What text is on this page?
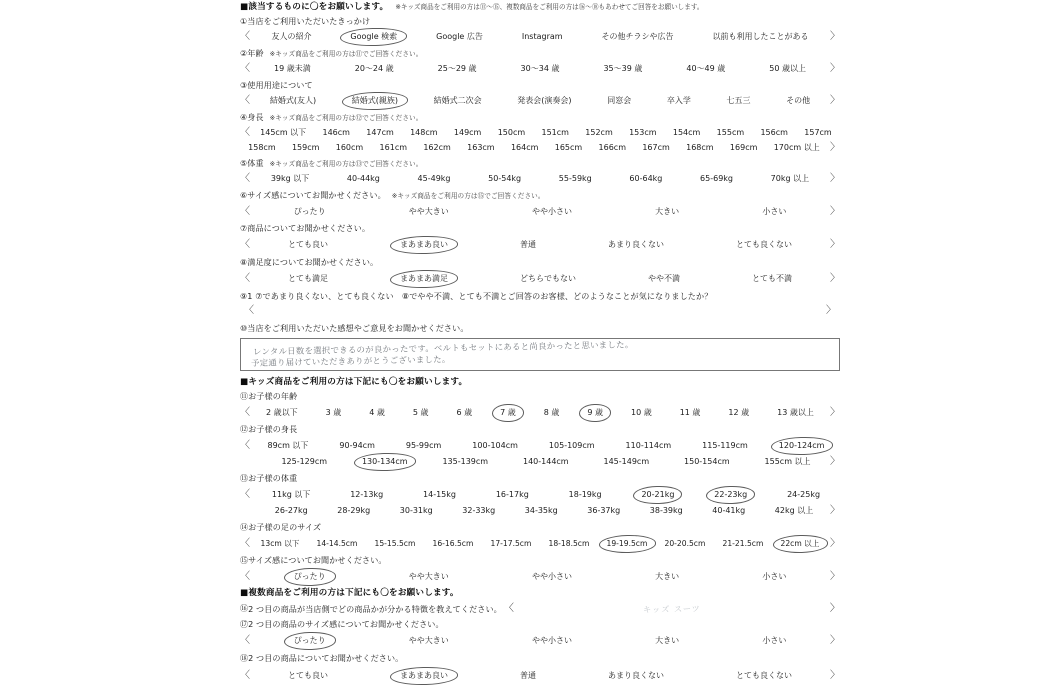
■該当するものに〇をお願いします。 ※キッズ商品をご利用の方は⑪～⑮、複数商品をご利用の方は⑯～⑱もあわせてご回答をお願いします。
①当店をご利用いただいたきっかけ
〈	友人の紹介	Google 検索	Google 広告	Instagram	その他チラシや広告	以前も利用したことがある	〉
②年齢 ※キッズ商品をご利用の方は⑪でご回答ください。
〈	19 歳未満	20～24 歳	25～29 歳	30～34 歳	35～39 歳	40～49 歳	50 歳以上	〉
③使用用途について
〈	結婚式(友人)	結婚式(親族)	結婚式二次会	発表会(演奏会)	同窓会	卒入学	七五三	その他	〉
④身長 ※キッズ商品をご利用の方は⑫でご回答ください。
〈	145cm 以下	146cm	147cm	148cm	149cm	150cm	151cm	152cm	153cm	154cm	155cm	156cm	157cm
158cm	159cm	160cm	161cm	162cm	163cm	164cm	165cm	166cm	167cm	168cm	169cm	170cm 以上	〉
⑤体重 ※キッズ商品をご利用の方は⑬でご回答ください。
〈	39kg 以下	40-44kg	45-49kg	50-54kg	55-59kg	60-64kg	65-69kg	70kg 以上	〉
⑥サイズ感についてお聞かせください。 ※キッズ商品をご利用の方は⑮でご回答ください。
〈	ぴったり	やや大きい	やや小さい	大きい	小さい	〉
⑦商品についてお聞かせください。
〈	とても良い	まあまあ良い	普通	あまり良くない	とても良くない	〉
⑧満足度についてお聞かせください。
〈	とても満足	まあまあ満足	どちらでもない	やや不満	とても不満	〉
⑨1 ⑦であまり良くない、とても良くない　⑧でやや不満、とても不満とご回答のお客様、どのようなことが気になりましたか？
〈	〉
⑩当店をご利用いただいた感想やご意見をお聞かせください。
レンタル日数を選択できるのが良かったです。ベルトもセットにあると尚良かったと思いました。
予定通り届けていただきありがとうございました。
■キッズ商品をご利用の方は下記にも〇をお願いします。
⑪お子様の年齢
〈	2 歳以下	3 歳	4 歳	5 歳	6 歳	7 歳	8 歳	9 歳	10 歳	11 歳	12 歳	13 歳以上	〉
⑫お子様の身長
〈	89cm 以下	90-94cm	95-99cm	100-104cm	105-109cm	110-114cm	115-119cm	120-124cm
125-129cm	130-134cm	135-139cm	140-144cm	145-149cm	150-154cm	155cm 以上	〉
⑬お子様の体重
〈	11kg 以下	12-13kg	14-15kg	16-17kg	18-19kg	20-21kg	22-23kg	24-25kg
26-27kg	28-29kg	30-31kg	32-33kg	34-35kg	36-37kg	38-39kg	40-41kg	42kg 以上	〉
⑭お子様の足のサイズ
〈	13cm 以下	14-14.5cm	15-15.5cm	16-16.5cm	17-17.5cm	18-18.5cm	19-19.5cm	20-20.5cm	21-21.5cm	22cm 以上	〉
⑮サイズ感についてお聞かせください。
〈	ぴったり	やや大きい	やや小さい	大きい	小さい	〉
■複数商品をご利用の方は下記にも〇をお願いします。
⑯ 2 つ目の商品が当店側でどの商品かが分かる特徴を教えてください。 〈	キッズ スーツ	〉
⑰2 つ目の商品のサイズ感についてお聞かせください。
〈	ぴったり	やや大きい	やや小さい	大きい	小さい	〉
⑱2 つ目の商品についてお聞かせください。
〈	とても良い	まあまあ良い	普通	あまり良くない	とても良くない	〉
